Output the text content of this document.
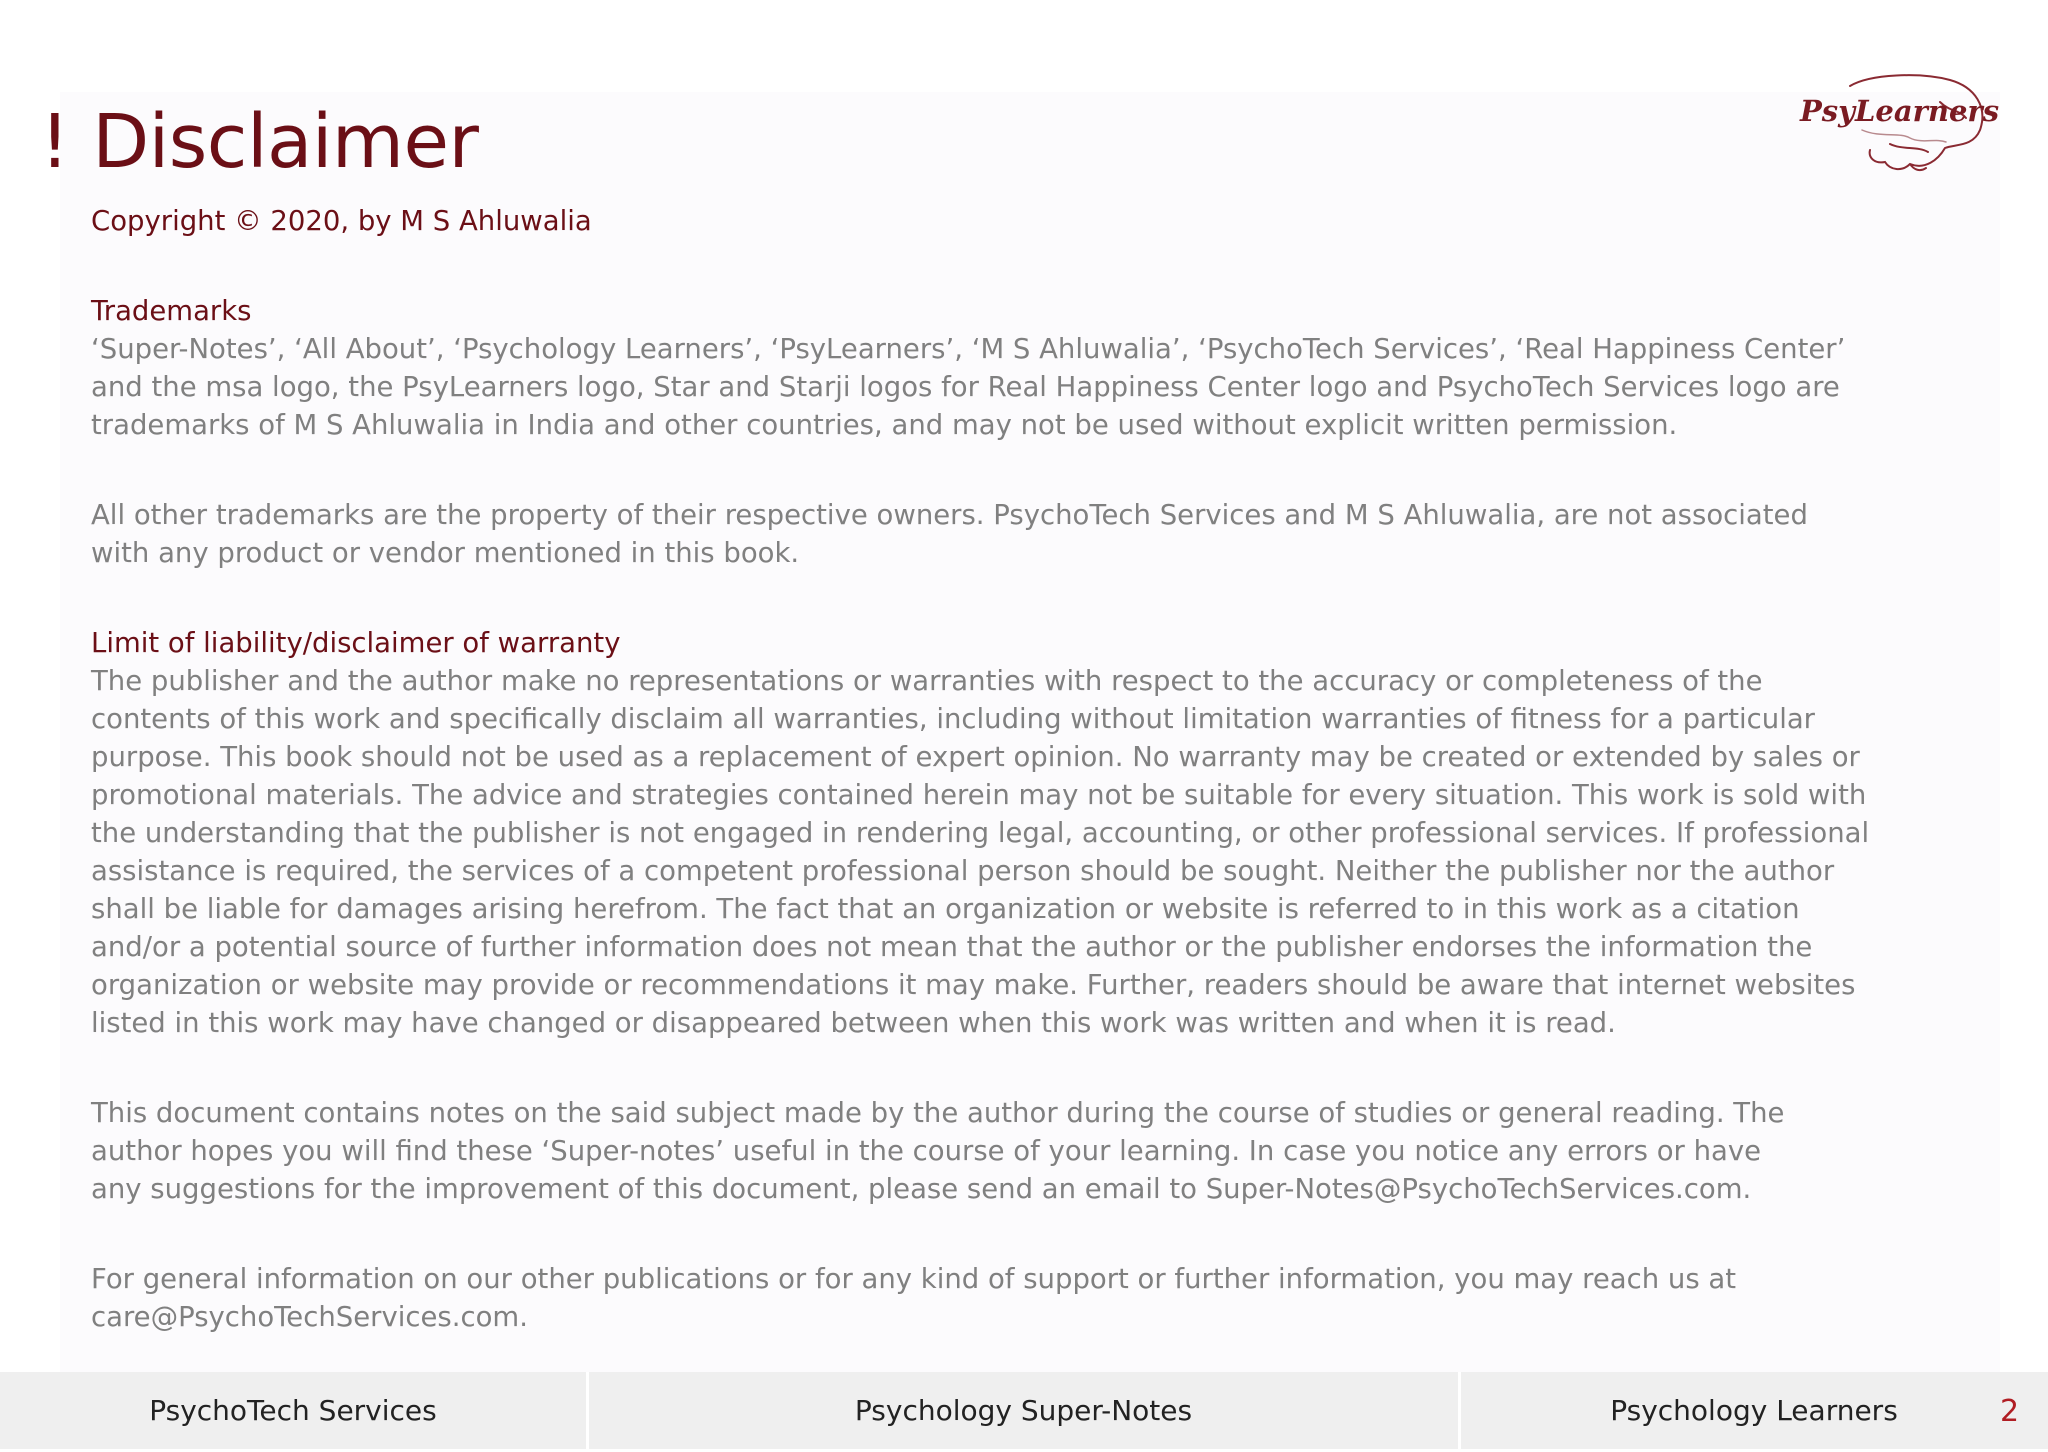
! Disclaimer	PsyLearners

Copyright © 2020, by M S Ahluwalia

Trademarks

‘Super-Notes’, ‘All About’, ‘Psychology Learners’, ‘PsyLearners’, ‘M S Ahluwalia’, ‘PsychoTech Services’, ‘Real Happiness Center’
and the msa logo, the PsyLearners logo, Star and Starji logos for Real Happiness Center logo and PsychoTech Services logo are
trademarks of M S Ahluwalia in India and other countries, and may not be used without explicit written permission.

All other trademarks are the property of their respective owners. PsychoTech Services and M S Ahluwalia, are not associated
with any product or vendor mentioned in this book.

Limit of liability/disclaimer of warranty

The publisher and the author make no representations or warranties with respect to the accuracy or completeness of the
contents of this work and specifically disclaim all warranties, including without limitation warranties of fitness for a particular
purpose. This book should not be used as a replacement of expert opinion. No warranty may be created or extended by sales or
promotional materials. The advice and strategies contained herein may not be suitable for every situation. This work is sold with
the understanding that the publisher is not engaged in rendering legal, accounting, or other professional services. If professional
assistance is required, the services of a competent professional person should be sought. Neither the publisher nor the author
shall be liable for damages arising herefrom. The fact that an organization or website is referred to in this work as a citation
and/or a potential source of further information does not mean that the author or the publisher endorses the information the
organization or website may provide or recommendations it may make. Further, readers should be aware that internet websites
listed in this work may have changed or disappeared between when this work was written and when it is read.

This document contains notes on the said subject made by the author during the course of studies or general reading. The
author hopes you will find these ‘Super-notes’ useful in the course of your learning. In case you notice any errors or have
any suggestions for the improvement of this document, please send an email to Super-Notes@PsychoTechServices.com.

For general information on our other publications or for any kind of support or further information, you may reach us at
care@PsychoTechServices.com.

PsychoTech Services	Psychology Super-Notes	Psychology Learners	2
